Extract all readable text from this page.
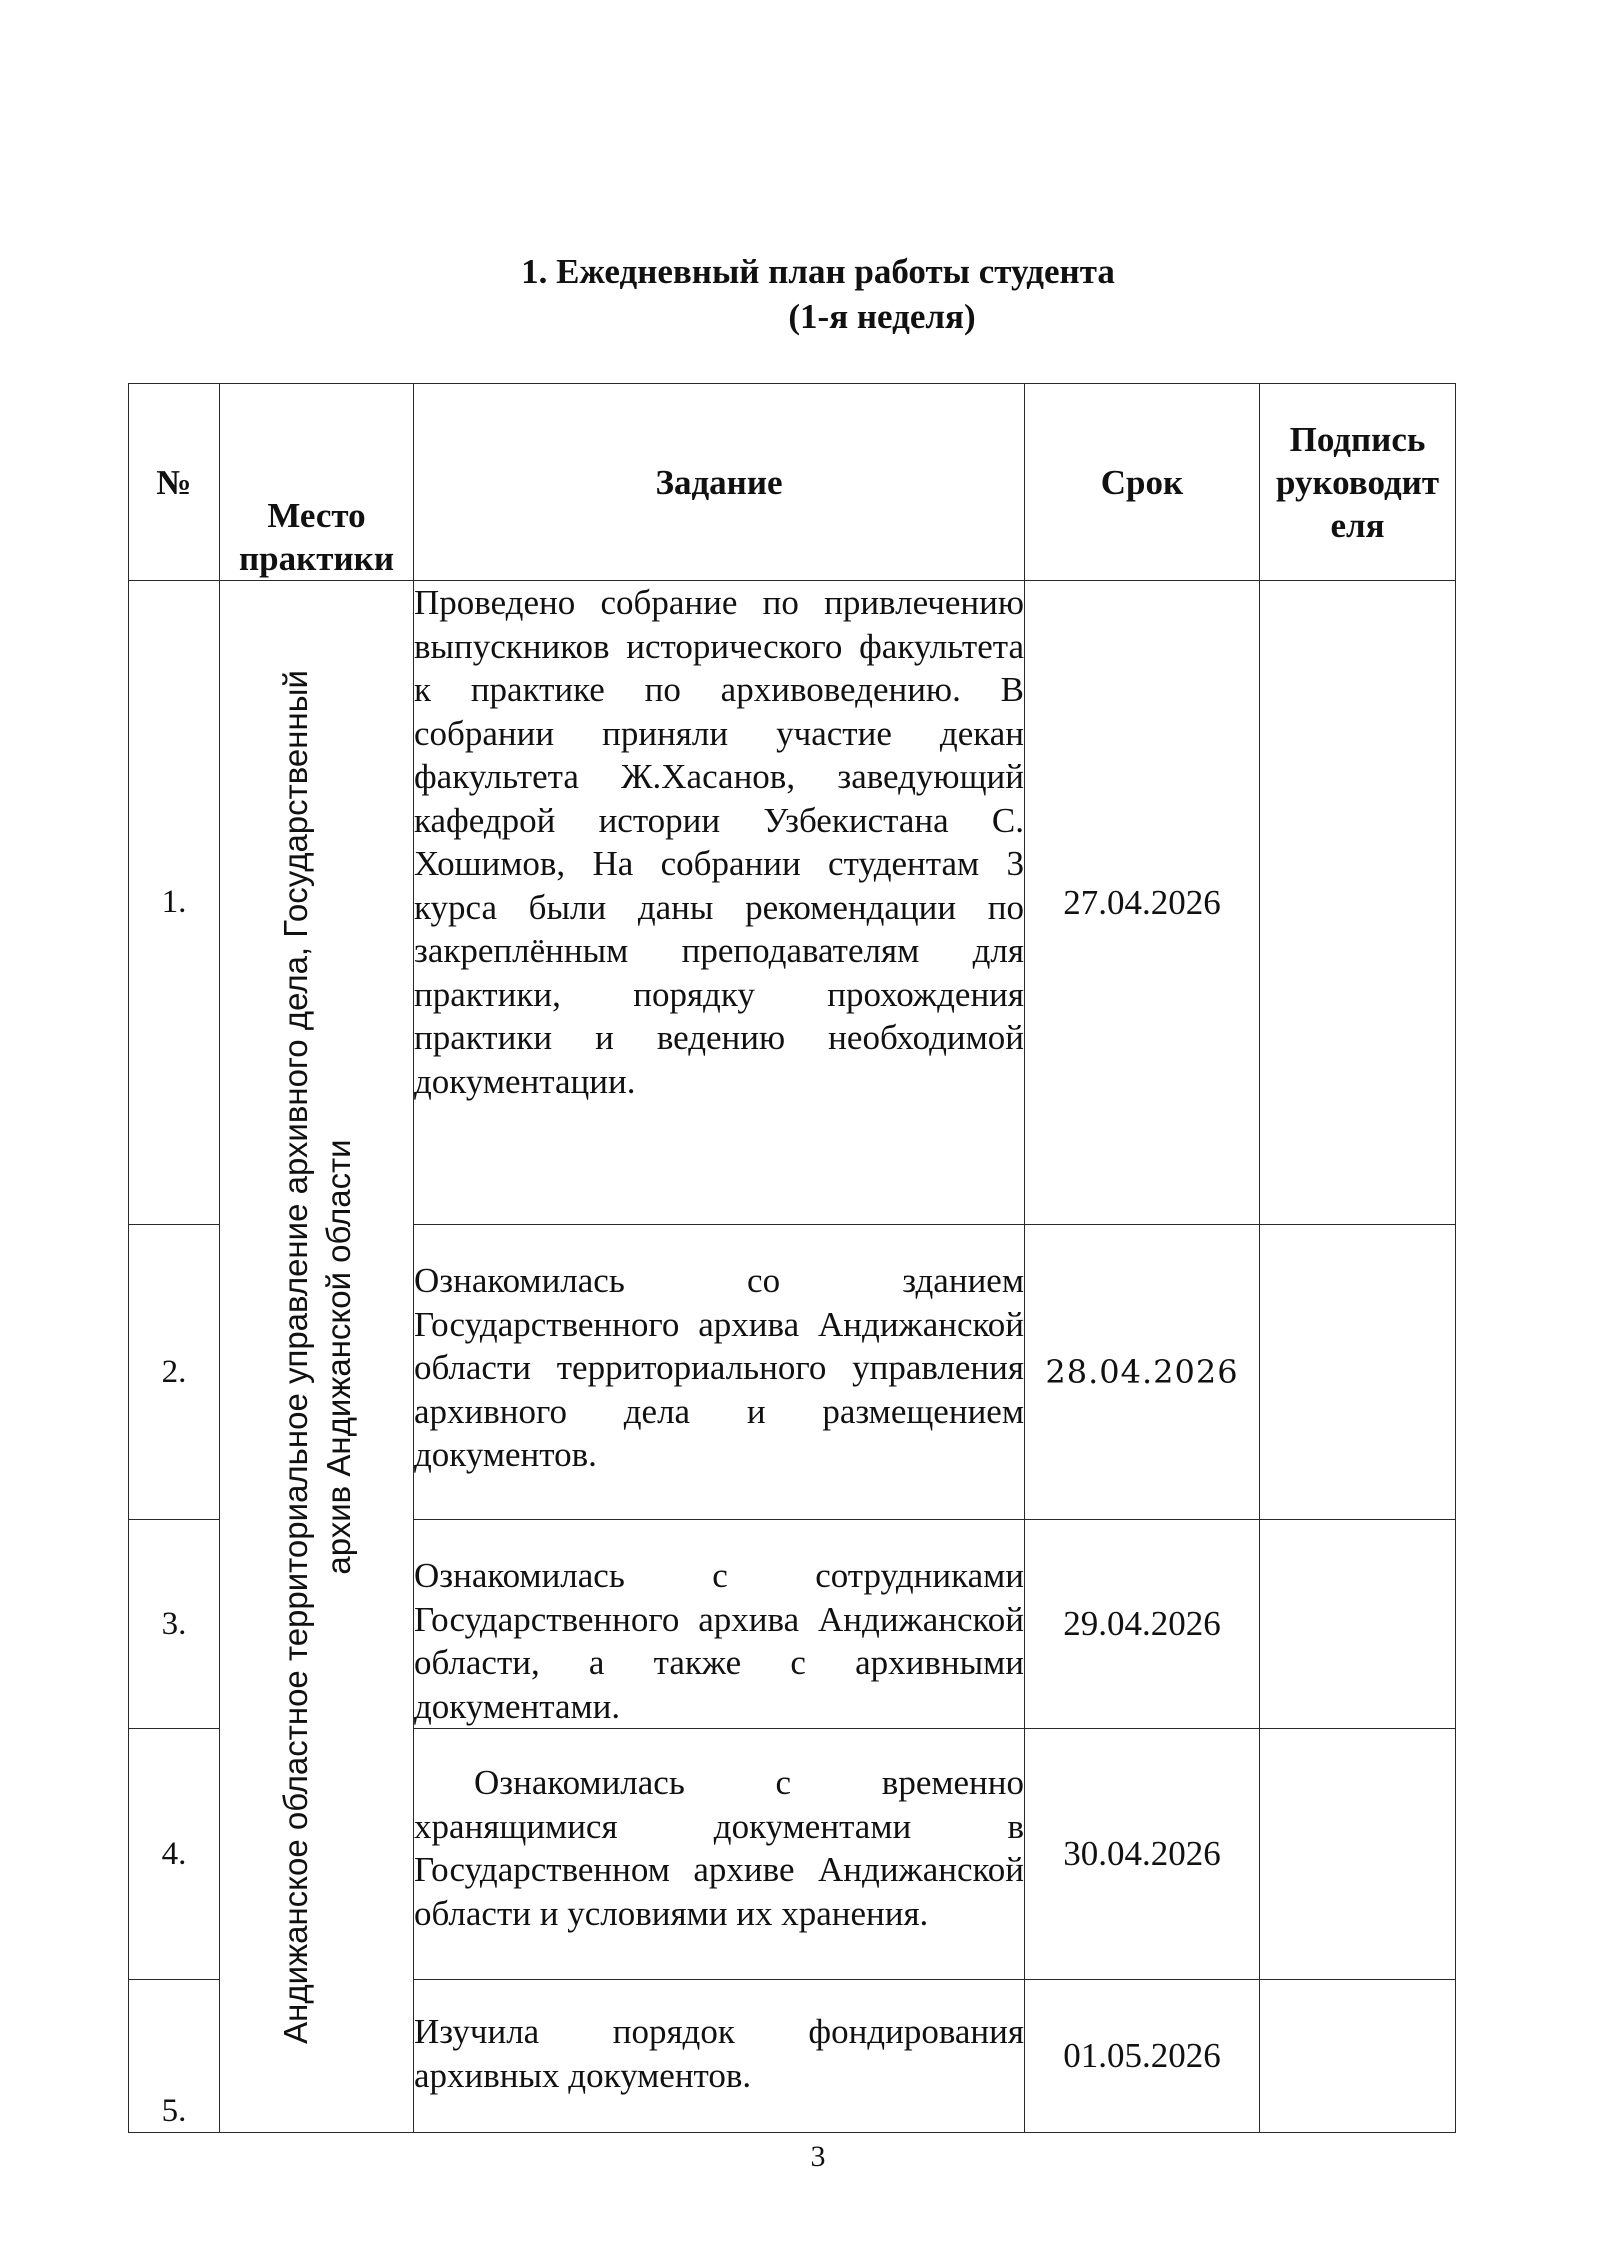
1. Ежедневный план работы студента
(1-я неделя)
№	Место практики	Задание	Срок	Подпись руководит еля
1.	Андижанское областное территориальное управление архивного дела, Государственный архив Андижанской области	Проведено собрание по привлечению выпускников исторического факультета к практике по архивоведению. В собрании приняли участие декан факультета Ж.Хасанов, заведующий кафедрой истории Узбекистана С. Хошимов, На собрании студентам 3 курса были даны рекомендации по закреплённым преподавателям для практики, порядку прохождения практики и ведению необходимой документации.	27.04.2026	
2.		Ознакомилась со зданием Государственного архива Андижанской области территориального управления архивного дела и размещением документов.	28.04.2026	
3.		Ознакомилась с сотрудниками Государственного архива Андижанской области, а также с архивными документами.	29.04.2026	
4.		Ознакомилась с временно хранящимися документами в Государственном архиве Андижанской области и условиями их хранения.	30.04.2026	
5.		Изучила порядок фондирования архивных документов.	01.05.2026	
3
